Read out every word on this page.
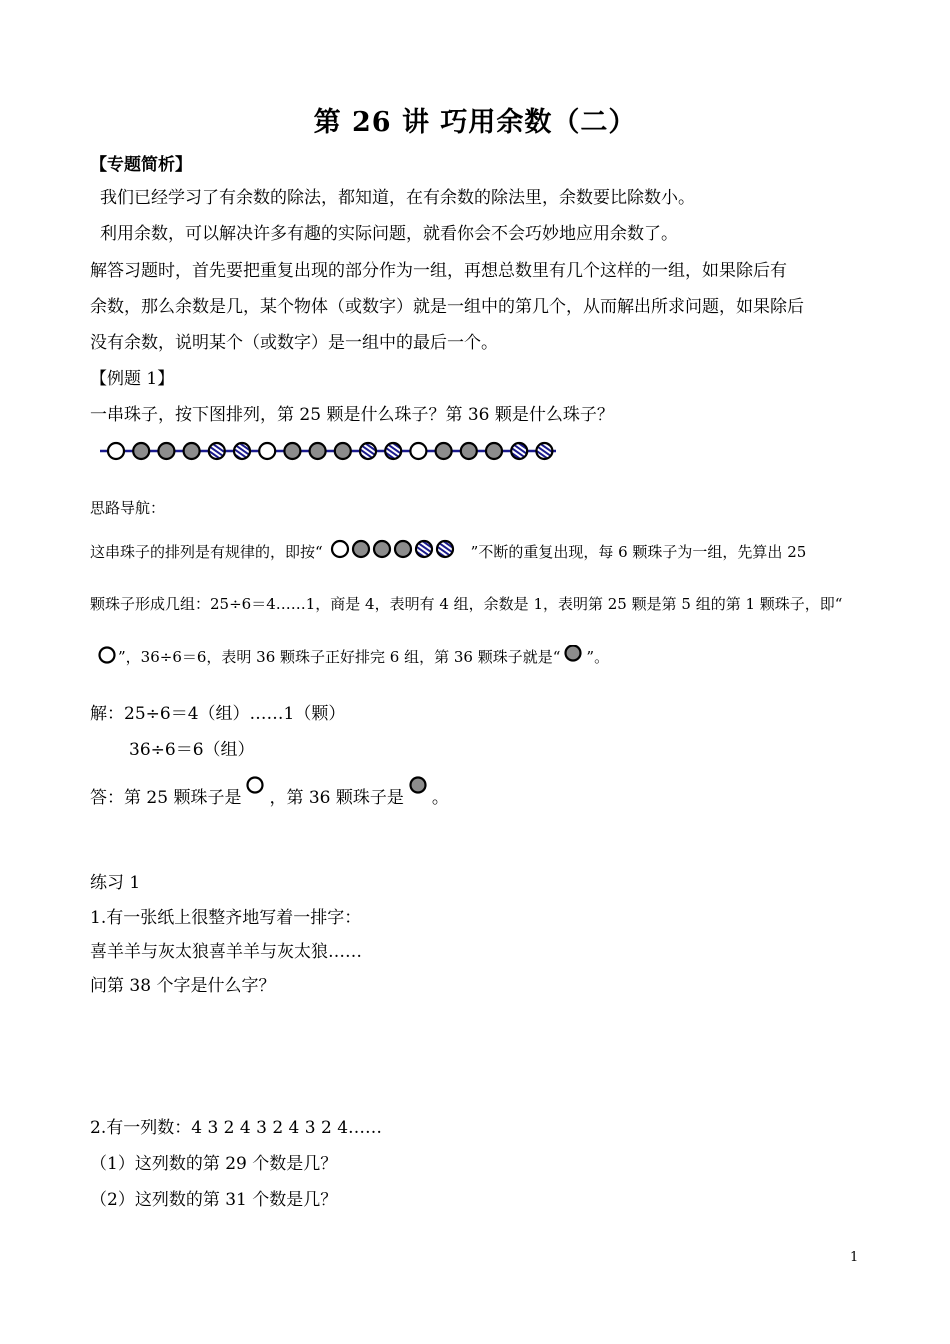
第 26 讲 巧用余数（二）
【专题简析】
我们已经学习了有余数的除法，都知道，在有余数的除法里，余数要比除数小。
利用余数，可以解决许多有趣的实际问题，就看你会不会巧妙地应用余数了。
解答习题时，首先要把重复出现的部分作为一组，再想总数里有几个这样的一组，如果除后有
余数，那么余数是几，某个物体（或数字）就是一组中的第几个，从而解出所求问题，如果除后
没有余数，说明某个（或数字）是一组中的最后一个。
【例题 1】
一串珠子，按下图排列，第 25 颗是什么珠子？第 36 颗是什么珠子？
思路导航：
这串珠子的排列是有规律的，即按“	”不断的重复出现，每 6 颗珠子为一组，先算出 25
颗珠子形成几组：25÷6＝4……1，商是 4，表明有 4 组，余数是 1，表明第 25 颗是第 5 组的第 1 颗珠子，即“
”，36÷6＝6，表明 36 颗珠子正好排完 6 组，第 36 颗珠子就是“ ”。
解：25÷6＝4（组）……1（颗）
36÷6＝6（组）
答：第 25 颗珠子是 ，第 36 颗珠子是 。
练习 1
1.有一张纸上很整齐地写着一排字：
喜羊羊与灰太狼喜羊羊与灰太狼……
问第 38 个字是什么字？
2.有一列数：4 3 2 4 3 2 4 3 2 4……
（1）这列数的第 29 个数是几？
（2）这列数的第 31 个数是几？
1
